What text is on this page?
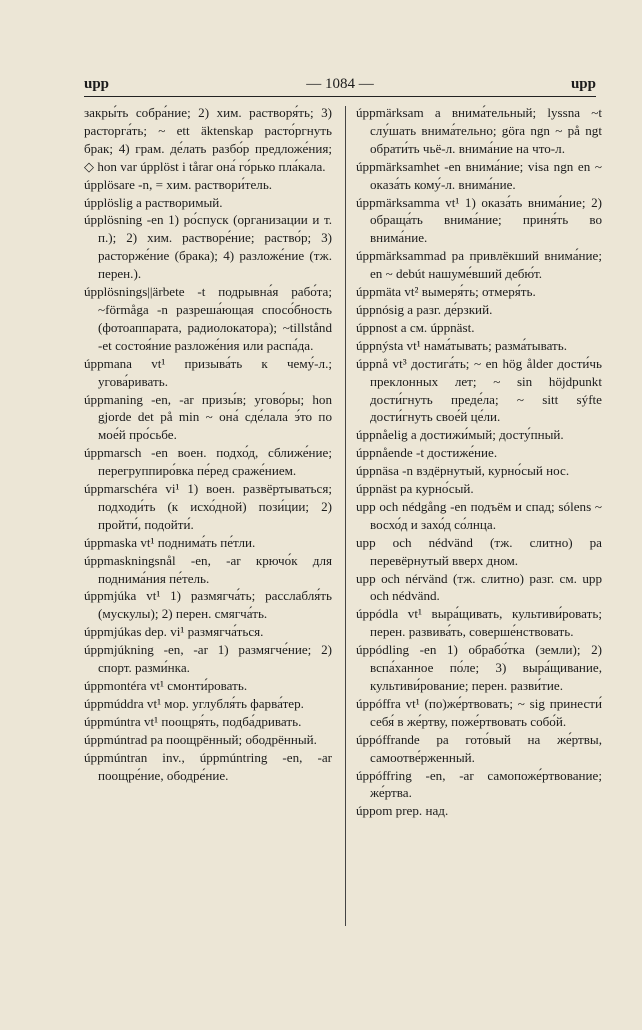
upp	— 1084 —	upp
закры́ть собра́ние; 2) хим. растворя́ть; 3) расторга́ть; ~ ett äktenskap расто́ргнуть брак; 4) грам. де́лать разбо́р предложе́ния; ◇ hon var úpplöst i tårar она́ го́рько пла́кала.
úpplösare -n, = хим. раствори́тель.
úpplöslig a растворимый.
úpplösning -en 1) ро́спуск (организации и т. п.); 2) хим. растворе́ние; раство́р; 3) расторже́ние (брака); 4) разложе́ние (тж. перен.).
úpplösnings||ärbete -t подрывна́я рабо́та; ~förmåga -n разреша́ющая спосо́бность (фотоаппарата, радиолокатора); ~tillstånd -et состоя́ние разложе́ния или распа́да.
úppmana vt¹ призыва́ть к чему́-л.; угова́ривать.
úppmaning -en, -ar призы́в; угово́ры; hon gjorde det på min ~ она́ сде́лала э́то по мое́й про́сьбе.
úppmarsch -en воен. подхо́д, сближе́ние; перегруппиро́вка пе́ред сраже́нием.
úppmarschéra vi¹ 1) воен. развёртываться; подходи́ть (к исхо́дной) пози́ции; 2) пройти́, подойти́.
úppmaska vt¹ поднима́ть пе́тли.
úppmaskningsnål -en, -ar крючо́к для поднима́ния пе́тель.
úppmjúka vt¹ 1) размягча́ть; расслабля́ть (мускулы); 2) перен. смягча́ть.
úppmjúkas dep. vi¹ размягча́ться.
úppmjúkning -en, -ar 1) размягче́ние; 2) спорт. разми́нка.
úppmontéra vt¹ смонти́ровать.
úppmúddra vt¹ мор. углубля́ть фарва́тер.
úppmúntra vt¹ поощря́ть, подба́дривать.
úppmúntrad pa поощрённый; ободрённый.
úppmúntran inv., úppmúntring -en, -ar поощре́ние, ободре́ние.
úppmärksam a внима́тельный; lyssna ~t слу́шать внима́тельно; göra ngn ~ på ngt обрати́ть чьё-л. внима́ние на что-л.
úppmärksamhet -en внима́ние; visa ngn en ~ оказа́ть кому́-л. внима́ние.
úppmärksamma vt¹ 1) оказа́ть внима́ние; 2) обраща́ть внима́ние; приня́ть во внима́ние.
úppmärksammad pa привлёкший внима́ние; en ~ debút нашуме́вший дебю́т.
úppmäta vt² вымеря́ть; отмеря́ть.
úppnósig a разг. де́рзкий.
úppnost a см. úppnäst.
úppnýsta vt¹ нама́тывать; разма́тывать.
úppnå vt³ достига́ть; ~ en hög ålder дости́чь преклонных лет; ~ sin höjdpunkt дости́гнуть преде́ла; ~ sitt sýfte дости́гнуть свое́й це́ли.
úppnåelig a достижи́мый; досту́пный.
úppnående -t достиже́ние.
úppnäsa -n вздёрнутый, курно́сый нос.
úppnäst pa курно́сый.
upp och nédgång -en подъём и спад; sólens ~ восхо́д и захо́д со́лнца.
upp och nédvänd (тж. слитно) pa перевёрнутый вверх дном.
upp och nérvänd (тж. слитно) разг. см. upp och nédvänd.
úppódla vt¹ выра́щивать, культиви́ровать; перен. развива́ть, соверше́нствовать.
úppódling -en 1) обрабо́тка (земли); 2) вспа́ханное по́ле; 3) выра́щивание, культиви́рование; перен. разви́тие.
úppóffra vt¹ (по)же́ртвовать; ~ sig принести́ себя́ в же́ртву, поже́ртвовать собо́й.
úppóffrande pa гото́вый на же́ртвы, самоотве́рженный.
úppóffring -en, -ar самопоже́ртвование; же́ртва.
úppom prep. над.
